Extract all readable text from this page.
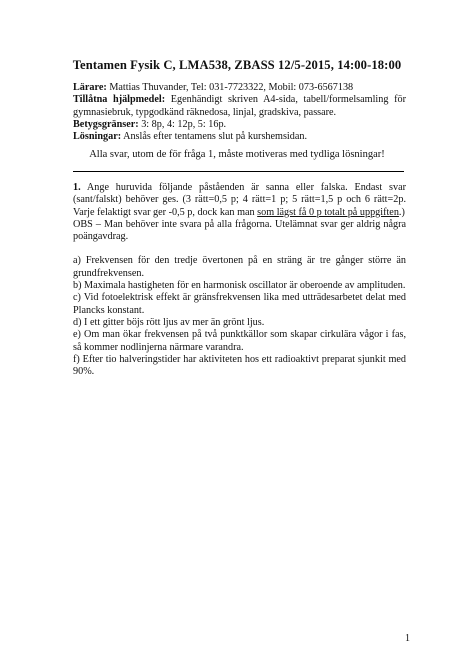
Tentamen Fysik C, LMA538, ZBASS 12/5-2015, 14:00-18:00

Lärare: Mattias Thuvander, Tel: 031-7723322, Mobil: 073-6567138

Tillåtna hjälpmedel: Egenhändigt skriven A4-sida, tabell/formelsamling för gymnasiebruk, typgodkänd räknedosa, linjal, gradskiva, passare.

Betygsgränser: 3: 8p, 4: 12p, 5: 16p.

Lösningar: Anslås efter tentamens slut på kurshemsidan.

Alla svar, utom de för fråga 1, måste motiveras med tydliga lösningar!

1. Ange huruvida följande påståenden är sanna eller falska. Endast svar (sant/falskt) behöver ges. (3 rätt=0,5 p; 4 rätt=1 p; 5 rätt=1,5 p och 6 rätt=2p. Varje felaktigt svar ger -0,5 p, dock kan man som lägst få 0 p totalt på uppgiften.)

OBS – Man behöver inte svara på alla frågorna. Utelämnat svar ger aldrig några poängavdrag.

a) Frekvensen för den tredje övertonen på en sträng är tre gånger större än grundfrekvensen.

b) Maximala hastigheten för en harmonisk oscillator är oberoende av amplituden.

c) Vid fotoelektrisk effekt är gränsfrekvensen lika med utträdesarbetet delat med Plancks konstant.

d) I ett gitter böjs rött ljus av mer än grönt ljus.

e) Om man ökar frekvensen på två punktkällor som skapar cirkulära vågor i fas, så kommer nodlinjerna närmare varandra.

f) Efter tio halveringstider har aktiviteten hos ett radioaktivt preparat sjunkit med 90%.

1
